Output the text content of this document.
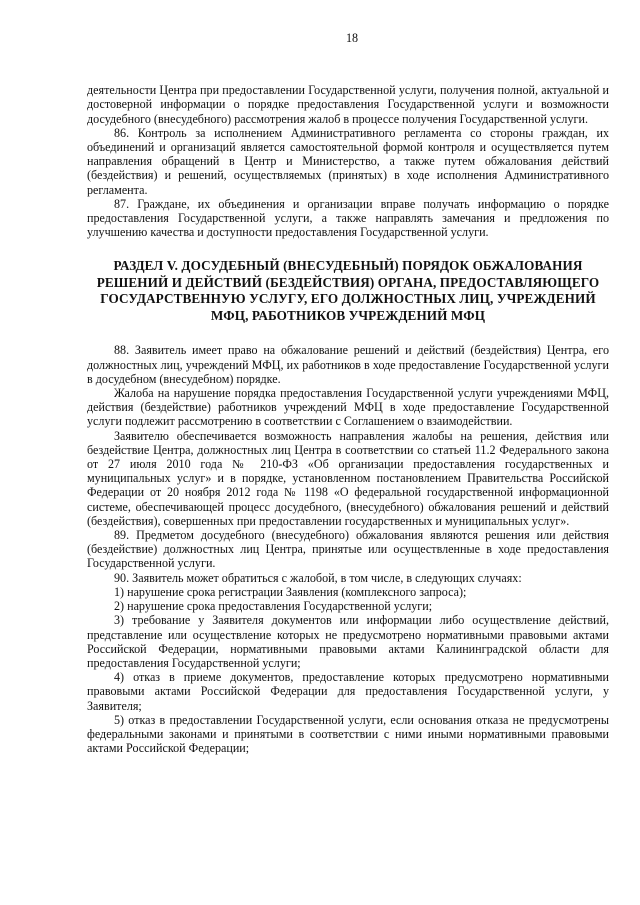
18

деятельности Центра при предоставлении Государственной услуги, получения полной, актуальной и достоверной информации о порядке предоставления Государственной услуги и возможности досудебного (внесудебного) рассмотрения жалоб в процессе получения Государственной услуги.

86. Контроль за исполнением Административного регламента со стороны граждан, их объединений и организаций является самостоятельной формой контроля и осуществляется путем направления обращений в Центр и Министерство, а также путем обжалования действий (бездействия) и решений, осуществляемых (принятых) в ходе исполнения Административного регламента.

87. Граждане, их объединения и организации вправе получать информацию о порядке предоставления Государственной услуги, а также направлять замечания и предложения по улучшению качества и доступности предоставления Государственной услуги.

РАЗДЕЛ V. ДОСУДЕБНЫЙ (ВНЕСУДЕБНЫЙ) ПОРЯДОК ОБЖАЛОВАНИЯ
РЕШЕНИЙ И ДЕЙСТВИЙ (БЕЗДЕЙСТВИЯ) ОРГАНА, ПРЕДОСТАВЛЯЮЩЕГО
ГОСУДАРСТВЕННУЮ УСЛУГУ, ЕГО ДОЛЖНОСТНЫХ ЛИЦ, УЧРЕЖДЕНИЙ
МФЦ, РАБОТНИКОВ УЧРЕЖДЕНИЙ МФЦ

88. Заявитель имеет право на обжалование решений и действий (бездействия) Центра, его должностных лиц, учреждений МФЦ, их работников в ходе предоставление Государственной услуги в досудебном (внесудебном) порядке.

Жалоба на нарушение порядка предоставления Государственной услуги учреждениями МФЦ, действия (бездействие) работников учреждений МФЦ в ходе предоставление Государственной услуги подлежит рассмотрению в соответствии с Соглашением о взаимодействии.

Заявителю обеспечивается возможность направления жалобы на решения, действия или бездействие Центра, должностных лиц Центра в соответствии со статьей 11.2 Федерального закона от 27 июля 2010 года № 210-ФЗ «Об организации предоставления государственных и муниципальных услуг» и в порядке, установленном постановлением Правительства Российской Федерации от 20 ноября 2012 года № 1198 «О федеральной государственной информационной системе, обеспечивающей процесс досудебного, (внесудебного) обжалования решений и действий (бездействия), совершенных при предоставлении государственных и муниципальных услуг».

89. Предметом досудебного (внесудебного) обжалования являются решения или действия (бездействие) должностных лиц Центра, принятые или осуществленные в ходе предоставления Государственной услуги.

90. Заявитель может обратиться с жалобой, в том числе, в следующих случаях:

1) нарушение срока регистрации Заявления (комплексного запроса);

2) нарушение срока предоставления Государственной услуги;

3) требование у Заявителя документов или информации либо осуществление действий, представление или осуществление которых не предусмотрено нормативными правовыми актами Российской Федерации, нормативными правовыми актами Калининградской области для предоставления Государственной услуги;

4) отказ в приеме документов, предоставление которых предусмотрено нормативными правовыми актами Российской Федерации для предоставления Государственной услуги, у Заявителя;

5) отказ в предоставлении Государственной услуги, если основания отказа не предусмотрены федеральными законами и принятыми в соответствии с ними иными нормативными правовыми актами Российской Федерации;
